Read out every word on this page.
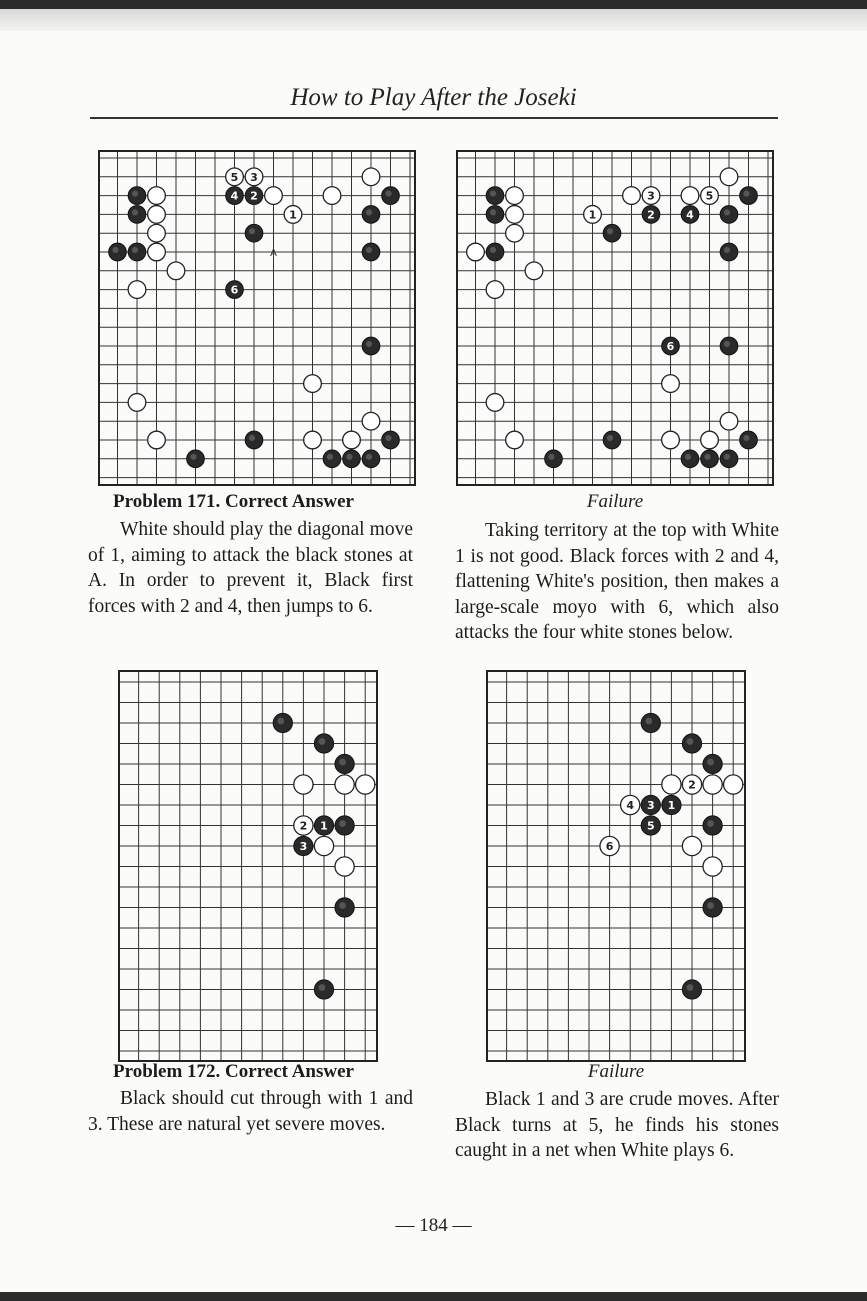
How to Play After the Joseki
A
5 3
4 2
1
6
3	5
1	2	4
6
2 1
3
2
4 3 1
5
6
Problem 171. Correct Answer

White should play the diagonal move of 1, aiming to attack the black stones at A. In order to prevent it, Black first forces with 2 and 4, then jumps to 6.

Failure

Taking territory at the top with White 1 is not good. Black forces with 2 and 4, flattening White's position, then makes a large-scale moyo with 6, which also attacks the four white stones below.

Problem 172. Correct Answer

Black should cut through with 1 and 3. These are natural yet severe moves.

Failure

Black 1 and 3 are crude moves. After Black turns at 5, he finds his stones caught in a net when White plays 6.

— 184 —
